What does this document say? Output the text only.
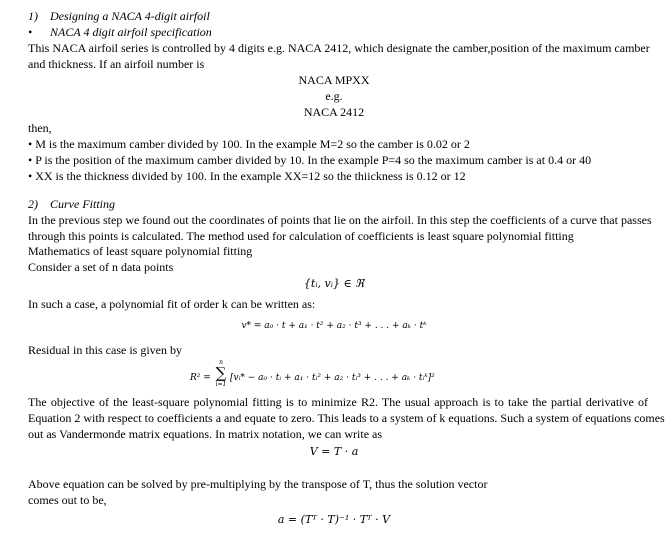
1) Designing a NACA 4-digit airfoil
• NACA 4 digit airfoil specification
This NACA airfoil series is controlled by 4 digits e.g. NACA 2412, which designate the camber,position of the maximum camber
and thickness. If an airfoil number is
NACA MPXX
e.g.
NACA 2412
then,
• M is the maximum camber divided by 100. In the example M=2 so the camber is 0.02 or 2
• P is the position of the maximum camber divided by 10. In the example P=4 so the maximum camber is at 0.4 or 40
• XX is the thickness divided by 100. In the example XX=12 so the thiickness is 0.12 or 12
2) Curve Fitting
In the previous step we found out the coordinates of points that lie on the airfoil. In this step the coefficients of a curve that passes
through this points is calculated. The method used for calculation of coefficients is least square polynomial fitting
Mathematics of least square polynomial fitting
Consider a set of n data points
{tᵢ, vᵢ} ∈ ℜ
In such a case, a polynomial fit of order k can be written as:
v* = a₀ · t + a₁ · t² + a₂ · t³ + . . . + aₖ · tᵏ
Residual in this case is given by
R² =
n
∑
i=1
[vᵢ* − a₀ · tᵢ + a₁ · tᵢ² + a₂ · tᵢ³ + . . . + aₖ · tᵢᵏ]²
The objective of the least-square polynomial fitting is to minimize R2. The usual approach is to take the partial derivative of
Equation 2 with respect to coefficients a and equate to zero. This leads to a system of k equations. Such a system of equations comes
out as Vandermonde matrix equations. In matrix notation, we can write as
V = T · a
Above equation can be solved by pre-multiplying by the transpose of T, thus the solution vector
comes out to be,
a = (Tᵀ · T)⁻¹ · Tᵀ · V
